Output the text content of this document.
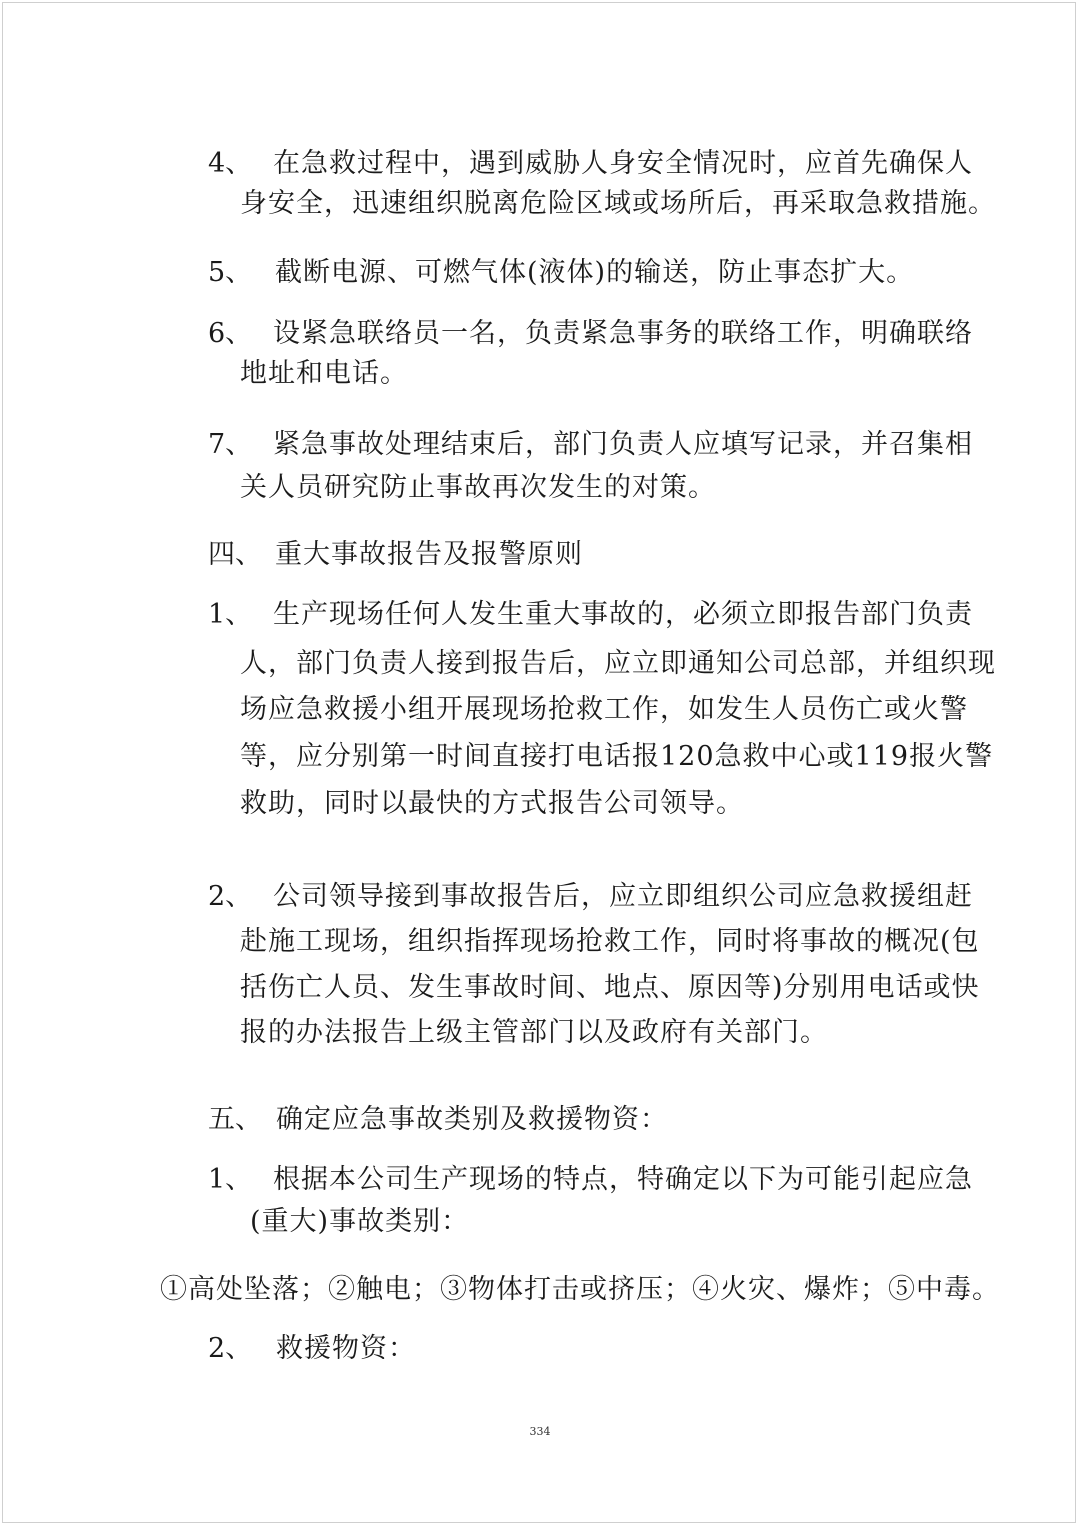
4、 在急救过程中，遇到威胁人身安全情况时，应首先确保人
身安全，迅速组织脱离危险区域或场所后，再采取急救措施。
5、 截断电源、可燃气体(液体)的输送，防止事态扩大。
6、 设紧急联络员一名，负责紧急事务的联络工作，明确联络
地址和电话。
7、 紧急事故处理结束后，部门负责人应填写记录，并召集相
关人员研究防止事故再次发生的对策。
四、 重大事故报告及报警原则
1、 生产现场任何人发生重大事故的，必须立即报告部门负责
人，部门负责人接到报告后，应立即通知公司总部，并组织现
场应急救援小组开展现场抢救工作，如发生人员伤亡或火警
等，应分别第一时间直接打电话报120急救中心或119报火警
救助，同时以最快的方式报告公司领导。
2、 公司领导接到事故报告后，应立即组织公司应急救援组赶
赴施工现场，组织指挥现场抢救工作，同时将事故的概况(包
括伤亡人员、发生事故时间、地点、原因等)分别用电话或快
报的办法报告上级主管部门以及政府有关部门。
五、 确定应急事故类别及救援物资：
1、 根据本公司生产现场的特点，特确定以下为可能引起应急
(重大)事故类别：
①高处坠落；②触电；③物体打击或挤压；④火灾、爆炸；⑤中毒。
2、 救援物资：
334
